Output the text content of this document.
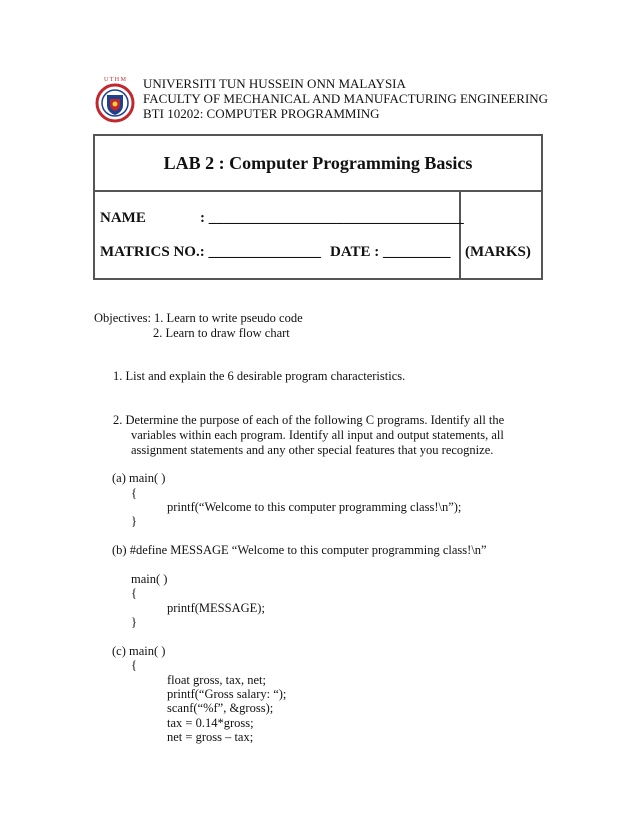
U T H M UNIVERSITI TUN HUSSEIN ONN MALAYSIA
FACULTY OF MECHANICAL AND MANUFACTURING ENGINEERING
BTI 10202: COMPUTER PROGRAMMING
LAB 2 : Computer Programming Basics
NAME	: __________________________________
MATRICS NO.: _______________ DATE : _________ (MARKS)
Objectives: 1. Learn to write pseudo code
2. Learn to draw flow chart
1. List and explain the 6 desirable program characteristics.
2. Determine the purpose of each of the following C programs. Identify all the
variables within each program. Identify all input and output statements, all
assignment statements and any other special features that you recognize.
(a) main( )
{
printf(“Welcome to this computer programming class!\n”);
}
(b) #define MESSAGE “Welcome to this computer programming class!\n”
main( )
{
printf(MESSAGE);
}
(c) main( )
{
float gross, tax, net;
printf(“Gross salary: “);
scanf(“%f”, &gross);
tax = 0.14*gross;
net = gross – tax;
